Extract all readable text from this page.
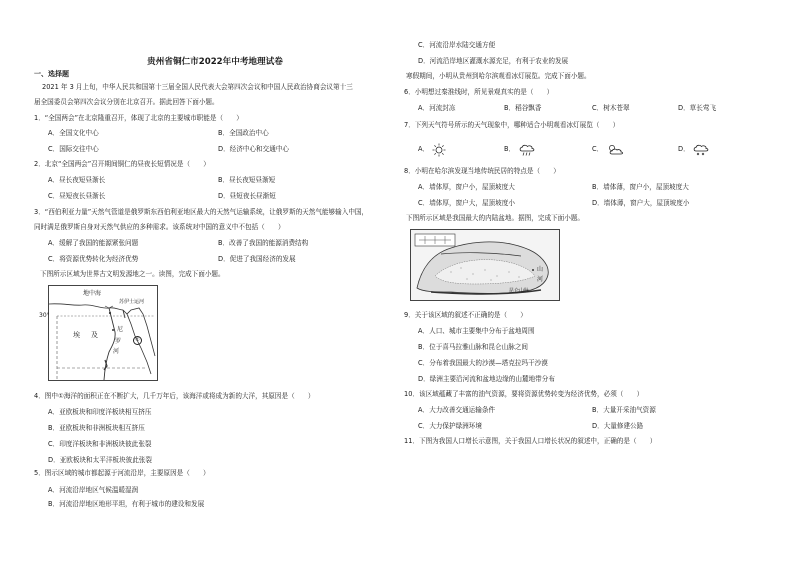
贵州省铜仁市2022年中考地理试卷
一、选择题
2021 年 3 月上旬，中华人民共和国第十三届全国人民代表大会第四次会议和中国人民政治协商会议第十三
届全国委员会第四次会议分别在北京召开。据此回答下面小题。
1．“全国两会”在北京隆重召开，体现了北京的主要城市职能是（　　）
A．全国文化中心	B．全国政治中心
C．国际交往中心	D．经济中心和交通中心
2．北京“全国两会”召开期间铜仁的昼夜长短情况是（　　）
A．昼长夜短昼渐长	B．昼长夜短昼渐短
C．昼短夜长昼渐长	D．昼短夜长昼渐短
3．“西伯利亚力量”天然气管道是俄罗斯东西伯利亚地区最大的天然气运输系统，让俄罗斯的天然气能够输入中国，
同时满足俄罗斯自身对天然气供应的多种需求。该系统对中国的意义中不包括（　　）
A．缓解了我国的能源紧张问题	B．改善了我国的能源消费结构
C．将资源优势转化为经济优势	D．促进了我国经济的发展
下图所示区域为世界古文明发源地之一。读图，完成下面小题。
地中海
苏伊士运河
30°
埃 及
尼
罗
河
①
4．图中①海洋的面积正在不断扩大，几千万年后，该海洋或将成为新的大洋，其原因是（　　）
A．亚欧板块和印度洋板块相互挤压
B．亚欧板块和非洲板块相互挤压
C．印度洋板块和非洲板块彼此张裂
D．亚欧板块和太平洋板块彼此张裂
5．图示区域的城市都起源于河流沿岸，主要原因是（　　）
A．河流沿岸地区气候温暖湿润
B．河流沿岸地区地形平坦，有利于城市的建设和发展
C．河流沿岸水陆交通方便
D．河流沿岸地区灌溉水源充足，有利于农业的发展
寒假期间，小明从贵州到哈尔滨观看冰灯展览。完成下面小题。
6．小明想过秦淮线时，所见景观真实的是（　　）
A．河流封冻	B．稻谷飘香	C．树木苍翠	D．草长莺飞
7．下列天气符号所示的天气现象中，哪种适合小明观看冰灯展览（　　）
A．	B．	C．	D．
8．小明在哈尔滨发现当地传统民居的特点是（　　）
A．墙体厚，窗户小，屋顶坡度大	B．墙体薄，窗户小，屋顶坡度大
C．墙体厚，窗户大，屋顶坡度小	D．墙体薄，窗户大，屋顶坡度小
下图所示区域是我国最大的内陆盆地。据图，完成下面小题。
山
河
昆仑山脉
9．关于该区域的叙述不正确的是（　　）
A．人口、城市主要集中分布于盆地周围
B．位于喜马拉雅山脉和昆仑山脉之间
C．分布着我国最大的沙漠—塔克拉玛干沙漠
D．绿洲主要沿河流和盆地边缘的山麓地带分布
10．该区域蕴藏了丰富的油气资源，要将资源优势转变为经济优势，必须（　　）
A．大力改善交通运输条件	B．大量开采油气资源
C．大力保护绿洲环境	D．大量修建公路
11．下图为我国人口增长示意图，关于我国人口增长状况的叙述中，正确的是（　　）
